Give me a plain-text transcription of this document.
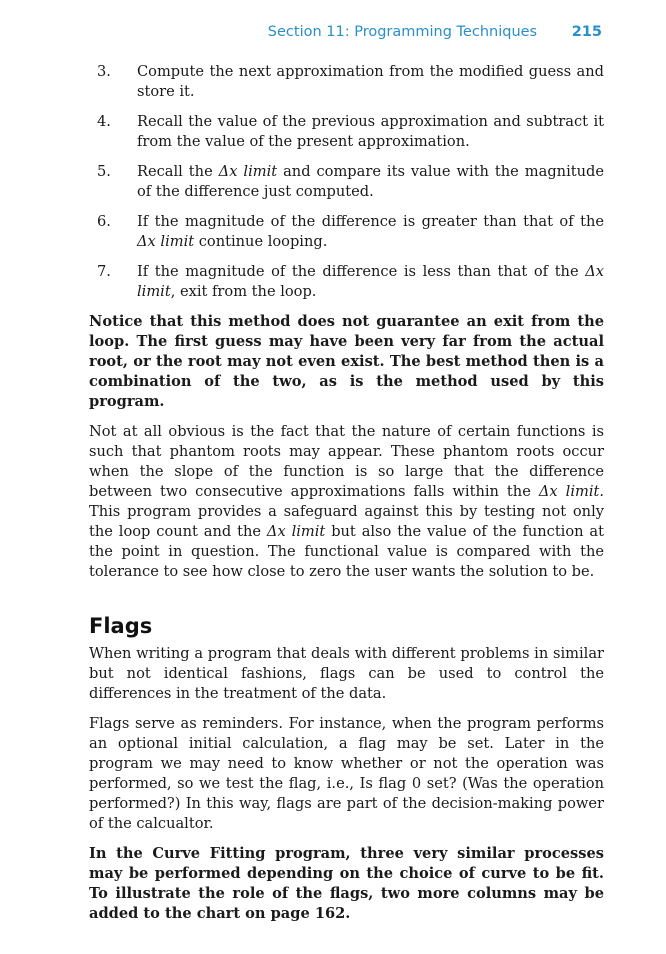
Section 11: Programming Techniques 215
3.	Compute the next approximation from the modified guess and store it.
4.	Recall the value of the previous approximation and subtract it from the value of the present approximation.
5.	Recall the Δx limit and compare its value with the magnitude of the difference just computed.
6.	If the magnitude of the difference is greater than that of the Δx limit continue looping.
7.	If the magnitude of the difference is less than that of the Δx limit, exit from the loop.

Notice that this method does not guarantee an exit from the loop. The first guess may have been very far from the actual root, or the root may not even exist. The best method then is a combination of the two, as is the method used by this program.

Not at all obvious is the fact that the nature of certain functions is such that phantom roots may appear. These phantom roots occur when the slope of the function is so large that the difference between two consecutive approximations falls within the Δx limit. This program provides a safeguard against this by testing not only the loop count and the Δx limit but also the value of the function at the point in question. The functional value is compared with the tolerance to see how close to zero the user wants the solution to be.

Flags

When writing a program that deals with different problems in similar but not identical fashions, flags can be used to control the differences in the treatment of the data.

Flags serve as reminders. For instance, when the program performs an optional initial calculation, a flag may be set. Later in the program we may need to know whether or not the operation was performed, so we test the flag, i.e., Is flag 0 set? (Was the operation performed?) In this way, flags are part of the decision-making power of the calcualtor.

In the Curve Fitting program, three very similar processes may be performed depending on the choice of curve to be fit. To illustrate the role of the flags, two more columns may be added to the chart on page 162.
